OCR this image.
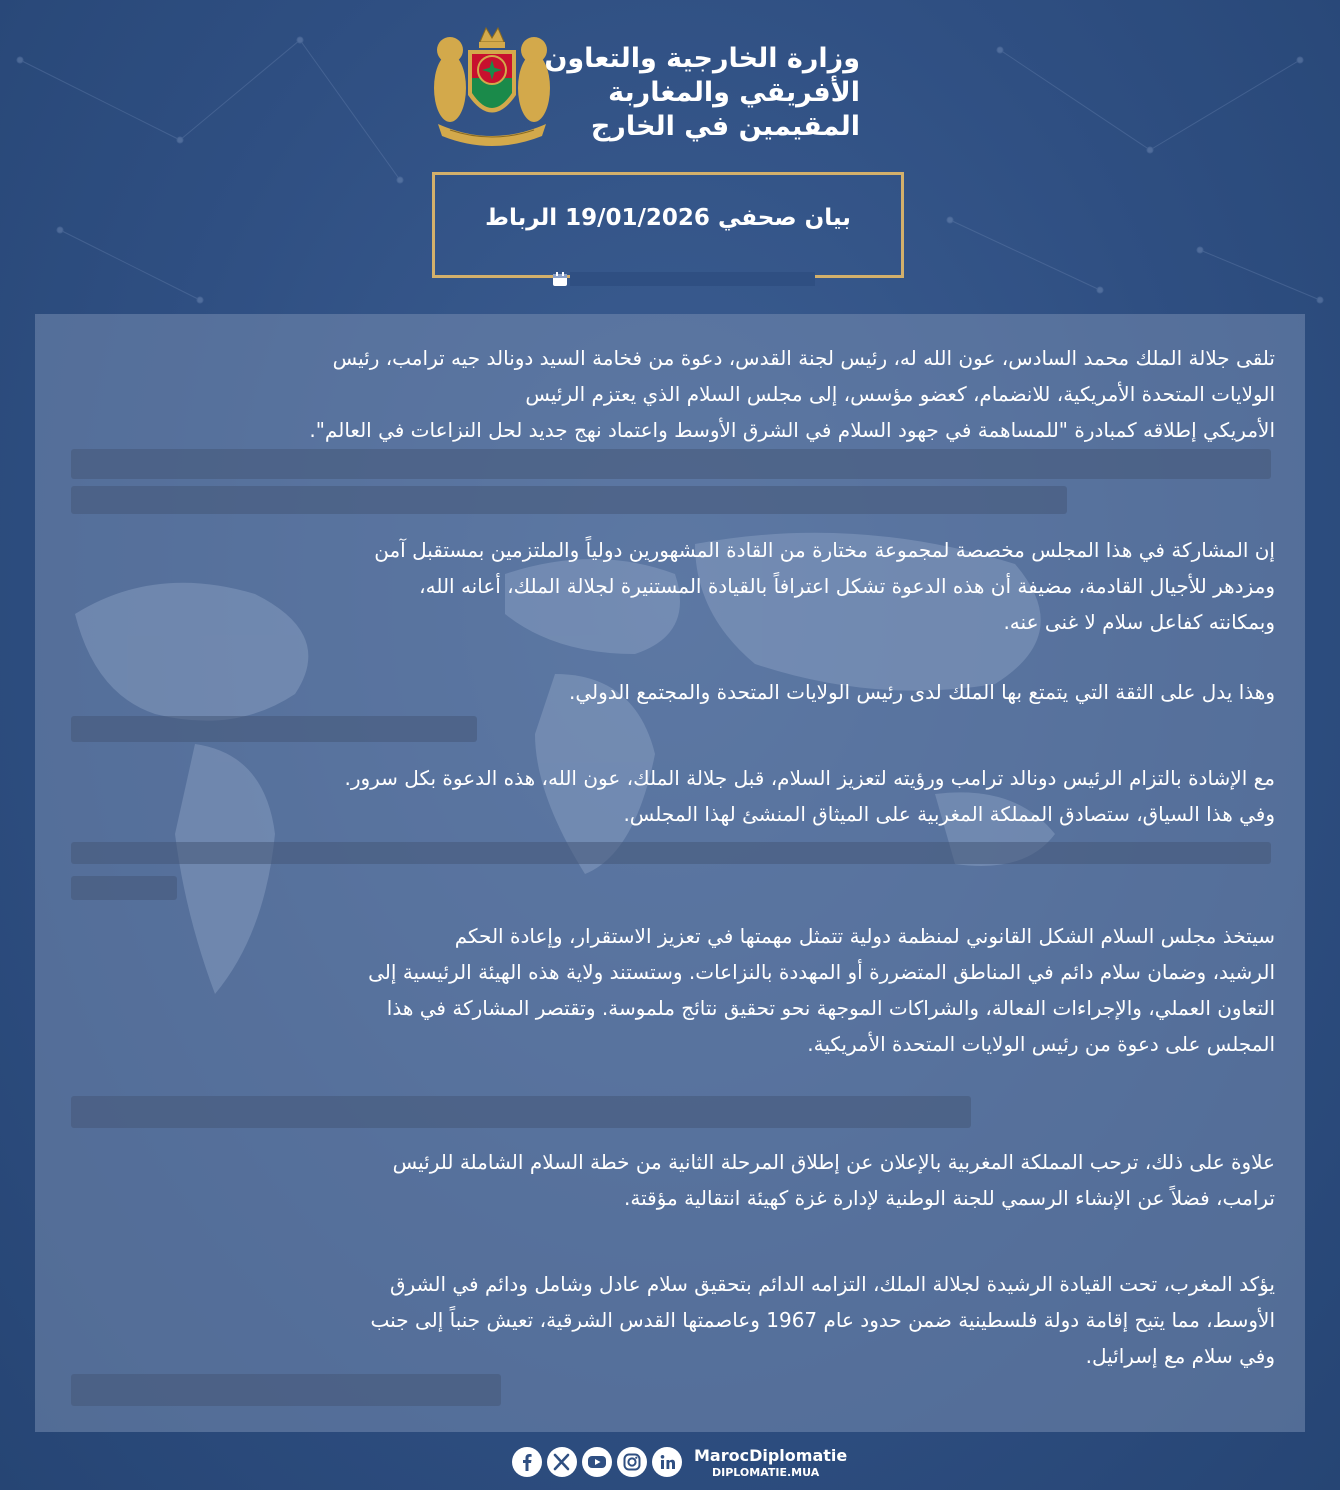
وزارة الخارجية والتعاون
الأفريقي والمغاربة
المقيمين في الخارج
بيان صحفي 19/01/2026 الرباط
تلقى جلالة الملك محمد السادس، عون الله له، رئيس لجنة القدس، دعوة من فخامة السيد دونالد جيه ترامب، رئيس
الولايات المتحدة الأمريكية، للانضمام، كعضو مؤسس، إلى مجلس السلام الذي يعتزم الرئيس
الأمريكي إطلاقه كمبادرة "للمساهمة في جهود السلام في الشرق الأوسط واعتماد نهج جديد لحل النزاعات في العالم".
إن المشاركة في هذا المجلس مخصصة لمجموعة مختارة من القادة المشهورين دولياً والملتزمين بمستقبل آمن
ومزدهر للأجيال القادمة، مضيفة أن هذه الدعوة تشكل اعترافاً بالقيادة المستنيرة لجلالة الملك، أعانه الله،
وبمكانته كفاعل سلام لا غنى عنه.
وهذا يدل على الثقة التي يتمتع بها الملك لدى رئيس الولايات المتحدة والمجتمع الدولي.
مع الإشادة بالتزام الرئيس دونالد ترامب ورؤيته لتعزيز السلام، قبل جلالة الملك، عون الله، هذه الدعوة بكل سرور.
وفي هذا السياق، ستصادق المملكة المغربية على الميثاق المنشئ لهذا المجلس.
سيتخذ مجلس السلام الشكل القانوني لمنظمة دولية تتمثل مهمتها في تعزيز الاستقرار، وإعادة الحكم
الرشيد، وضمان سلام دائم في المناطق المتضررة أو المهددة بالنزاعات. وستستند ولاية هذه الهيئة الرئيسية إلى
التعاون العملي، والإجراءات الفعالة، والشراكات الموجهة نحو تحقيق نتائج ملموسة. وتقتصر المشاركة في هذا
المجلس على دعوة من رئيس الولايات المتحدة الأمريكية.
علاوة على ذلك، ترحب المملكة المغربية بالإعلان عن إطلاق المرحلة الثانية من خطة السلام الشاملة للرئيس
ترامب، فضلاً عن الإنشاء الرسمي للجنة الوطنية لإدارة غزة كهيئة انتقالية مؤقتة.
يؤكد المغرب، تحت القيادة الرشيدة لجلالة الملك، التزامه الدائم بتحقيق سلام عادل وشامل ودائم في الشرق
الأوسط، مما يتيح إقامة دولة فلسطينية ضمن حدود عام 1967 وعاصمتها القدس الشرقية، تعيش جنباً إلى جنب
وفي سلام مع إسرائيل.
MarocDiplomatie
DIPLOMATIE.MUA
